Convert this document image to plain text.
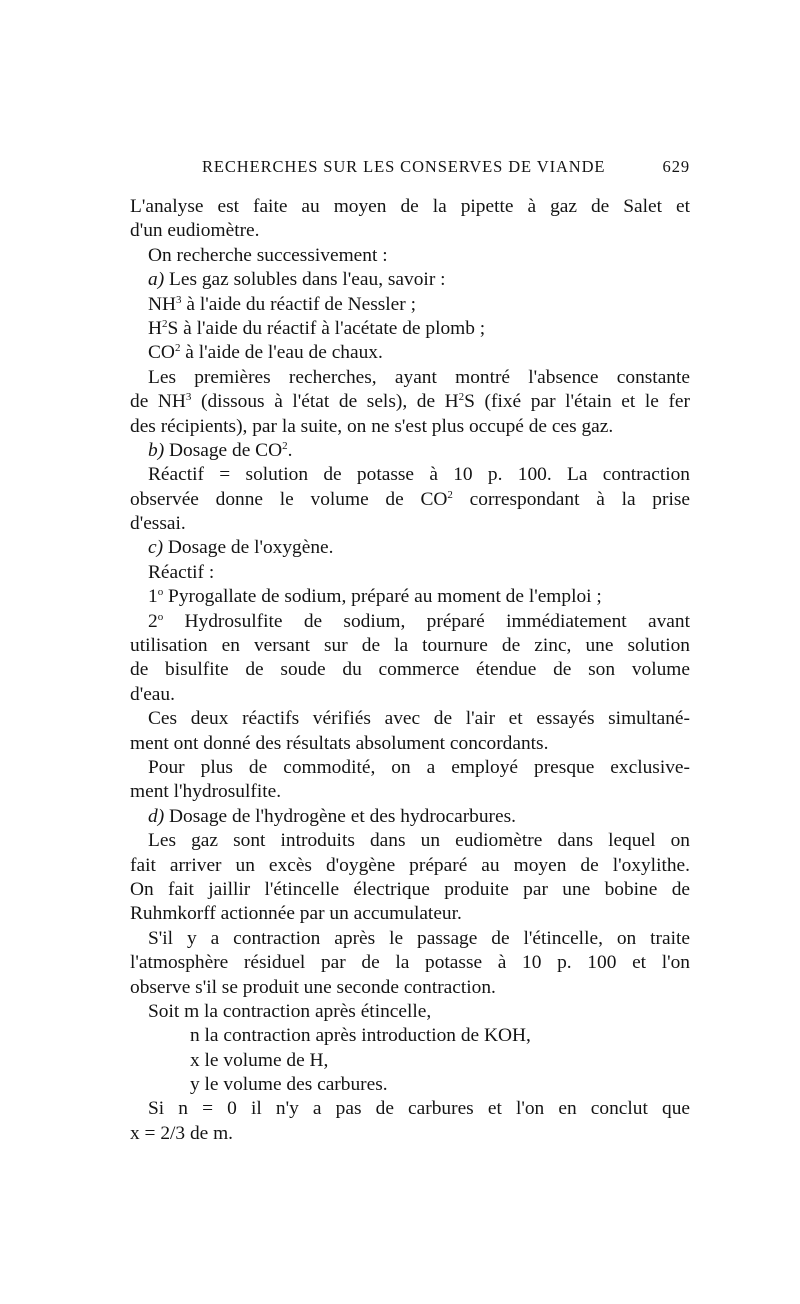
RECHERCHES SUR LES CONSERVES DE VIANDE	629
L'analyse est faite au moyen de la pipette à gaz de Salet et
d'un eudiomètre.
On recherche successivement :
a) Les gaz solubles dans l'eau, savoir :
$NH^3$ à l'aide du réactif de Nessler ;
$H^2S$ à l'aide du réactif à l'acétate de plomb ;
$CO^2$ à l'aide de l'eau de chaux.
Les premières recherches, ayant montré l'absence constante
de $NH^3$ (dissous à l'état de sels), de $H^2S$ (fixé par l'étain et le fer
des récipients), par la suite, on ne s'est plus occupé de ces gaz.
b) Dosage de $CO^2$.
Réactif = solution de potasse à 10 p. 100. La contraction
observée donne le volume de $CO^2$ correspondant à la prise
d'essai.
c) Dosage de l'oxygène.
Réactif :
1$^o$ Pyrogallate de sodium, préparé au moment de l'emploi ;
2$^o$ Hydrosulfite de sodium, préparé immédiatement avant
utilisation en versant sur de la tournure de zinc, une solution
de bisulfite de soude du commerce étendue de son volume
d'eau.
Ces deux réactifs vérifiés avec de l'air et essayés simultané-
ment ont donné des résultats absolument concordants.
Pour plus de commodité, on a employé presque exclusive-
ment l'hydrosulfite.
d) Dosage de l'hydrogène et des hydrocarbures.
Les gaz sont introduits dans un eudiomètre dans lequel on
fait arriver un excès d'oygène préparé au moyen de l'oxylithe.
On fait jaillir l'étincelle électrique produite par une bobine de
Ruhmkorff actionnée par un accumulateur.
S'il y a contraction après le passage de l'étincelle, on traite
l'atmosphère résiduel par de la potasse à 10 p. 100 et l'on
observe s'il se produit une seconde contraction.
Soit m la contraction après étincelle,
n la contraction après introduction de KOH,
x le volume de H,
y le volume des carbures.
Si n = 0 il n'y a pas de carbures et l'on en conclut que
x = 2/3 de m.
